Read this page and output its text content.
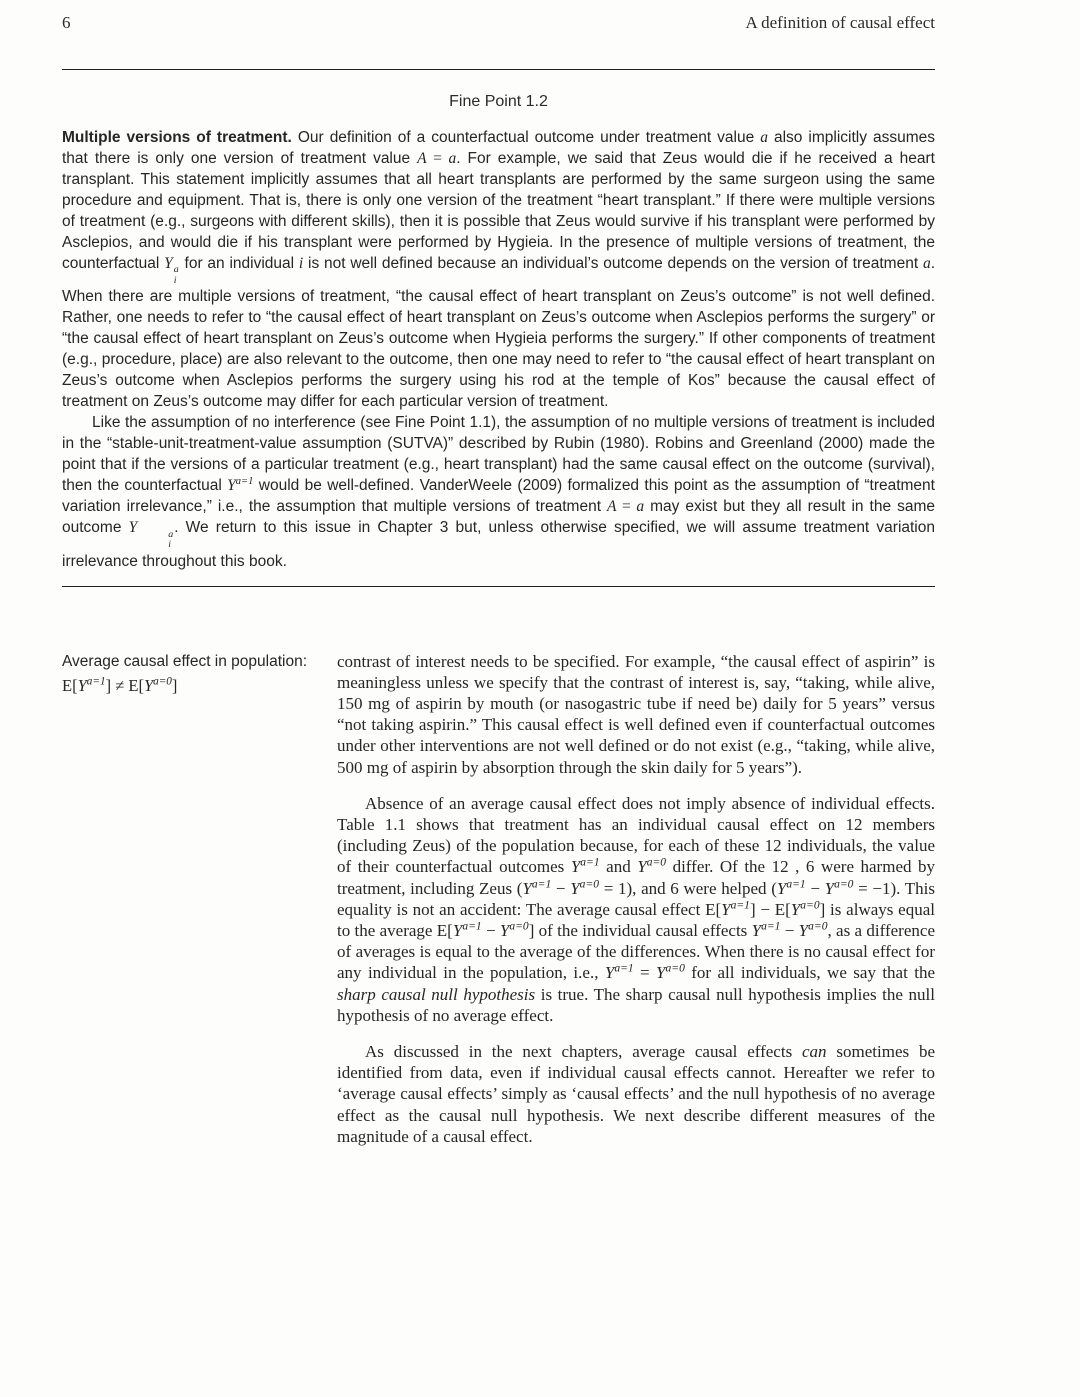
6	A definition of causal effect
Fine Point 1.2

Multiple versions of treatment. Our definition of a counterfactual outcome under treatment value a also implicitly assumes that there is only one version of treatment value A = a. For example, we said that Zeus would die if he received a heart transplant. This statement implicitly assumes that all heart transplants are performed by the same surgeon using the same procedure and equipment. That is, there is only one version of the treatment “heart transplant.” If there were multiple versions of treatment (e.g., surgeons with different skills), then it is possible that Zeus would survive if his transplant were performed by Asclepios, and would die if his transplant were performed by Hygieia. In the presence of multiple versions of treatment, the counterfactual Y a
i
for an individual i is not well defined because an individual’s outcome depends on the version of treatment a. When there are multiple versions of treatment, “the causal effect of heart transplant on Zeus’s outcome” is not well defined. Rather, one needs to refer to “the causal effect of heart transplant on Zeus’s outcome when Asclepios performs the surgery” or “the causal effect of heart transplant on Zeus’s outcome when Hygieia performs the surgery.” If other components of treatment (e.g., procedure, place) are also relevant to the outcome, then one may need to refer to “the causal effect of heart transplant on Zeus’s outcome when Asclepios performs the surgery using his rod at the temple of Kos” because the causal effect of treatment on Zeus’s outcome may differ for each particular version of treatment.

Like the assumption of no interference (see Fine Point 1.1), the assumption of no multiple versions of treatment is included in the “stable-unit-treatment-value assumption (SUTVA)” described by Rubin (1980). Robins and Greenland (2000) made the point that if the versions of a particular treatment (e.g., heart transplant) had the same causal effect on the outcome (survival), then the counterfactual $Y^{a=1}$ would be well-defined. VanderWeele (2009) formalized this point as the assumption of “treatment variation irrelevance,” i.e., the assumption that multiple versions of treatment A = a may exist but they all result in the same outcome Y	a
i
. We return to this issue in Chapter 3 but, unless otherwise specified, we will assume treatment variation irrelevance throughout this book.

Average causal effect in population:
$E[Y^{a=1}] \ne E[Y^{a=0}]$

contrast of interest needs to be specified. For example, “the causal effect of aspirin” is meaningless unless we specify that the contrast of interest is, say, “taking, while alive, 150 mg of aspirin by mouth (or nasogastric tube if need be) daily for 5 years” versus “not taking aspirin.” This causal effect is well defined even if counterfactual outcomes under other interventions are not well defined or do not exist (e.g., “taking, while alive, 500 mg of aspirin by absorption through the skin daily for 5 years”).

Absence of an average causal effect does not imply absence of individual effects. Table 1.1 shows that treatment has an individual causal effect on 12 members (including Zeus) of the population because, for each of these 12 individuals, the value of their counterfactual outcomes $Y^{a=1}$ and $Y^{a=0}$ differ. Of the 12 , 6 were harmed by treatment, including Zeus $(Y^{a=1} - Y^{a=0} = 1)$, and 6 were helped $(Y^{a=1} - Y^{a=0} = -1)$. This equality is not an accident: The average causal effect $E[Y^{a=1}] - E[Y^{a=0}]$ is always equal to the average $E[Y^{a=1} - Y^{a=0}]$ of the individual causal effects $Y^{a=1} - Y^{a=0}$, as a difference of averages is equal to the average of the differences. When there is no causal effect for any individual in the population, i.e., $Y^{a=1} = Y^{a=0}$ for all individuals, we say that the sharp causal null hypothesis is true. The sharp causal null hypothesis implies the null hypothesis of no average effect.

As discussed in the next chapters, average causal effects can sometimes be identified from data, even if individual causal effects cannot. Hereafter we refer to ‘average causal effects’ simply as ‘causal effects’ and the null hypothesis of no average effect as the causal null hypothesis. We next describe different measures of the magnitude of a causal effect.
